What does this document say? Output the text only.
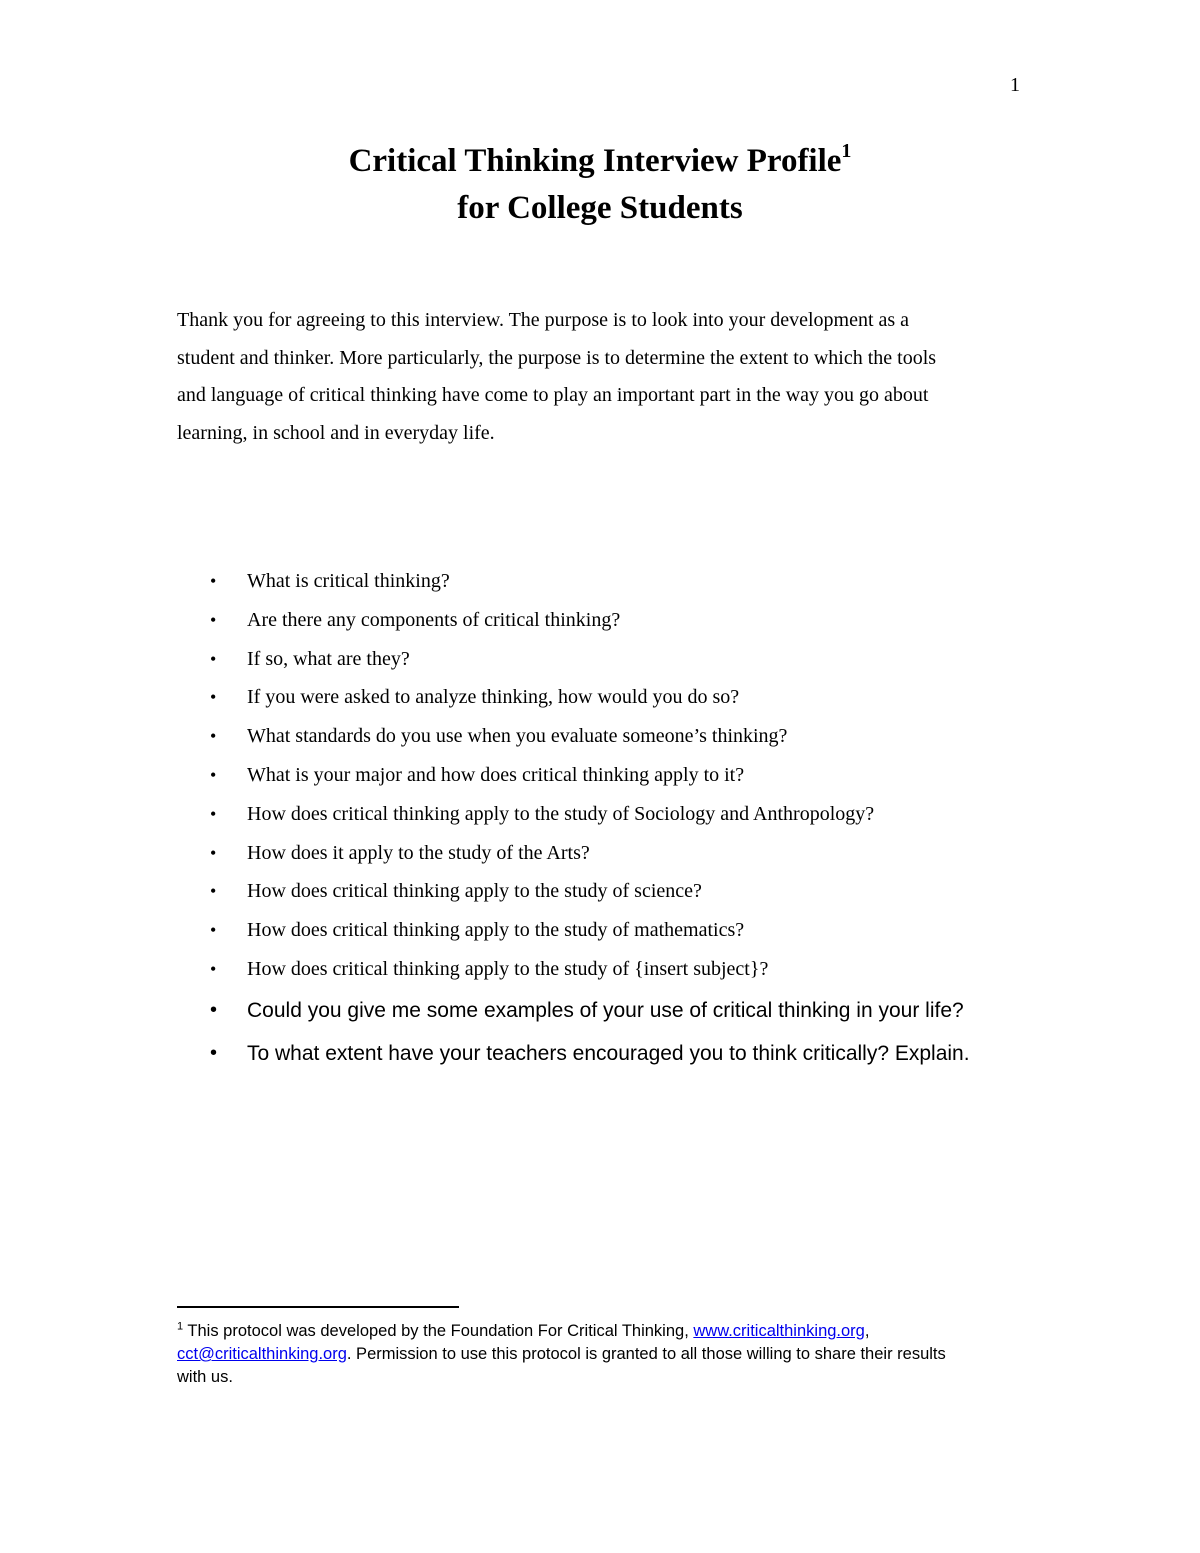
1
Critical Thinking Interview Profile$^1$
for College Students
Thank you for agreeing to this interview. The purpose is to look into your development as a
student and thinker. More particularly, the purpose is to determine the extent to which the tools
and language of critical thinking have come to play an important part in the way you go about
learning, in school and in everyday life.
• What is critical thinking?
• Are there any components of critical thinking?
• If so, what are they?
• If you were asked to analyze thinking, how would you do so?
• What standards do you use when you evaluate someone’s thinking?
• What is your major and how does critical thinking apply to it?
• How does critical thinking apply to the study of Sociology and Anthropology?
• How does it apply to the study of the Arts?
• How does critical thinking apply to the study of science?
• How does critical thinking apply to the study of mathematics?
• How does critical thinking apply to the study of {insert subject}?
• Could you give me some examples of your use of critical thinking in your life?
• To what extent have your teachers encouraged you to think critically? Explain.
$^1$ This protocol was developed by the Foundation For Critical Thinking, www.criticalthinking.org,
cct@criticalthinking.org. Permission to use this protocol is granted to all those willing to share their results
with us.
